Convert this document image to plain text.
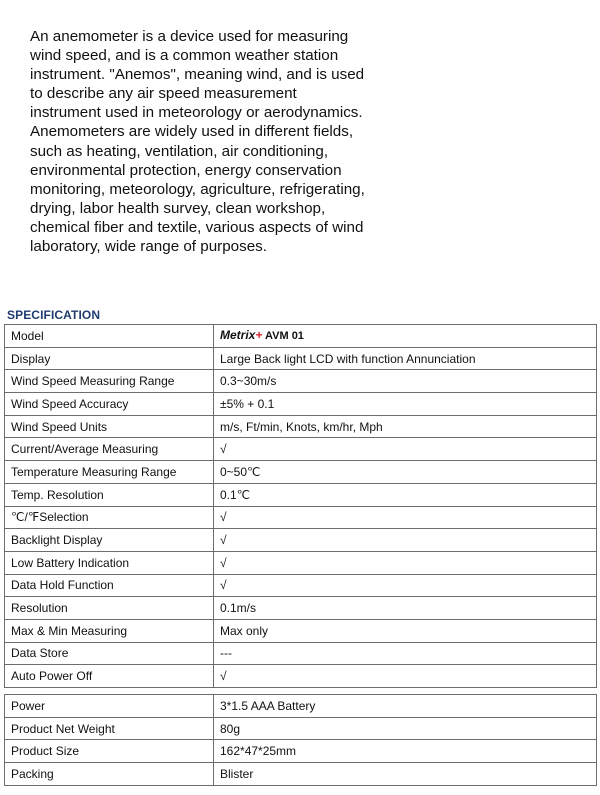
An anemometer is a device used for measuring wind speed, and is a common weather station instrument. "Anemos", meaning wind, and is used to describe any air speed measurement instrument used in meteorology or aerodynamics.

Anemometers are widely used in different fields, such as heating, ventilation, air conditioning, environmental protection, energy conservation monitoring, meteorology, agriculture, refrigerating, drying, labor health survey, clean workshop, chemical fiber and textile, various aspects of wind laboratory, wide range of purposes.

SPECIFICATION
Model	Metrix+ AVM 01
Display	Large Back light LCD with function Annunciation
Wind Speed Measuring Range	0.3~30m/s
Wind Speed Accuracy	±5% + 0.1
Wind Speed Units	m/s, Ft/min, Knots, km/hr, Mph
Current/Average Measuring	√
Temperature Measuring Range	0~50℃
Temp. Resolution	0.1℃
℃/℉Selection	√
Backlight Display	√
Low Battery Indication	√
Data Hold Function	√
Resolution	0.1m/s
Max & Min Measuring	Max only
Data Store	---
Auto Power Off	√
Power	3*1.5 AAA Battery
Product Net Weight	80g
Product Size	162*47*25mm
Packing	Blister
